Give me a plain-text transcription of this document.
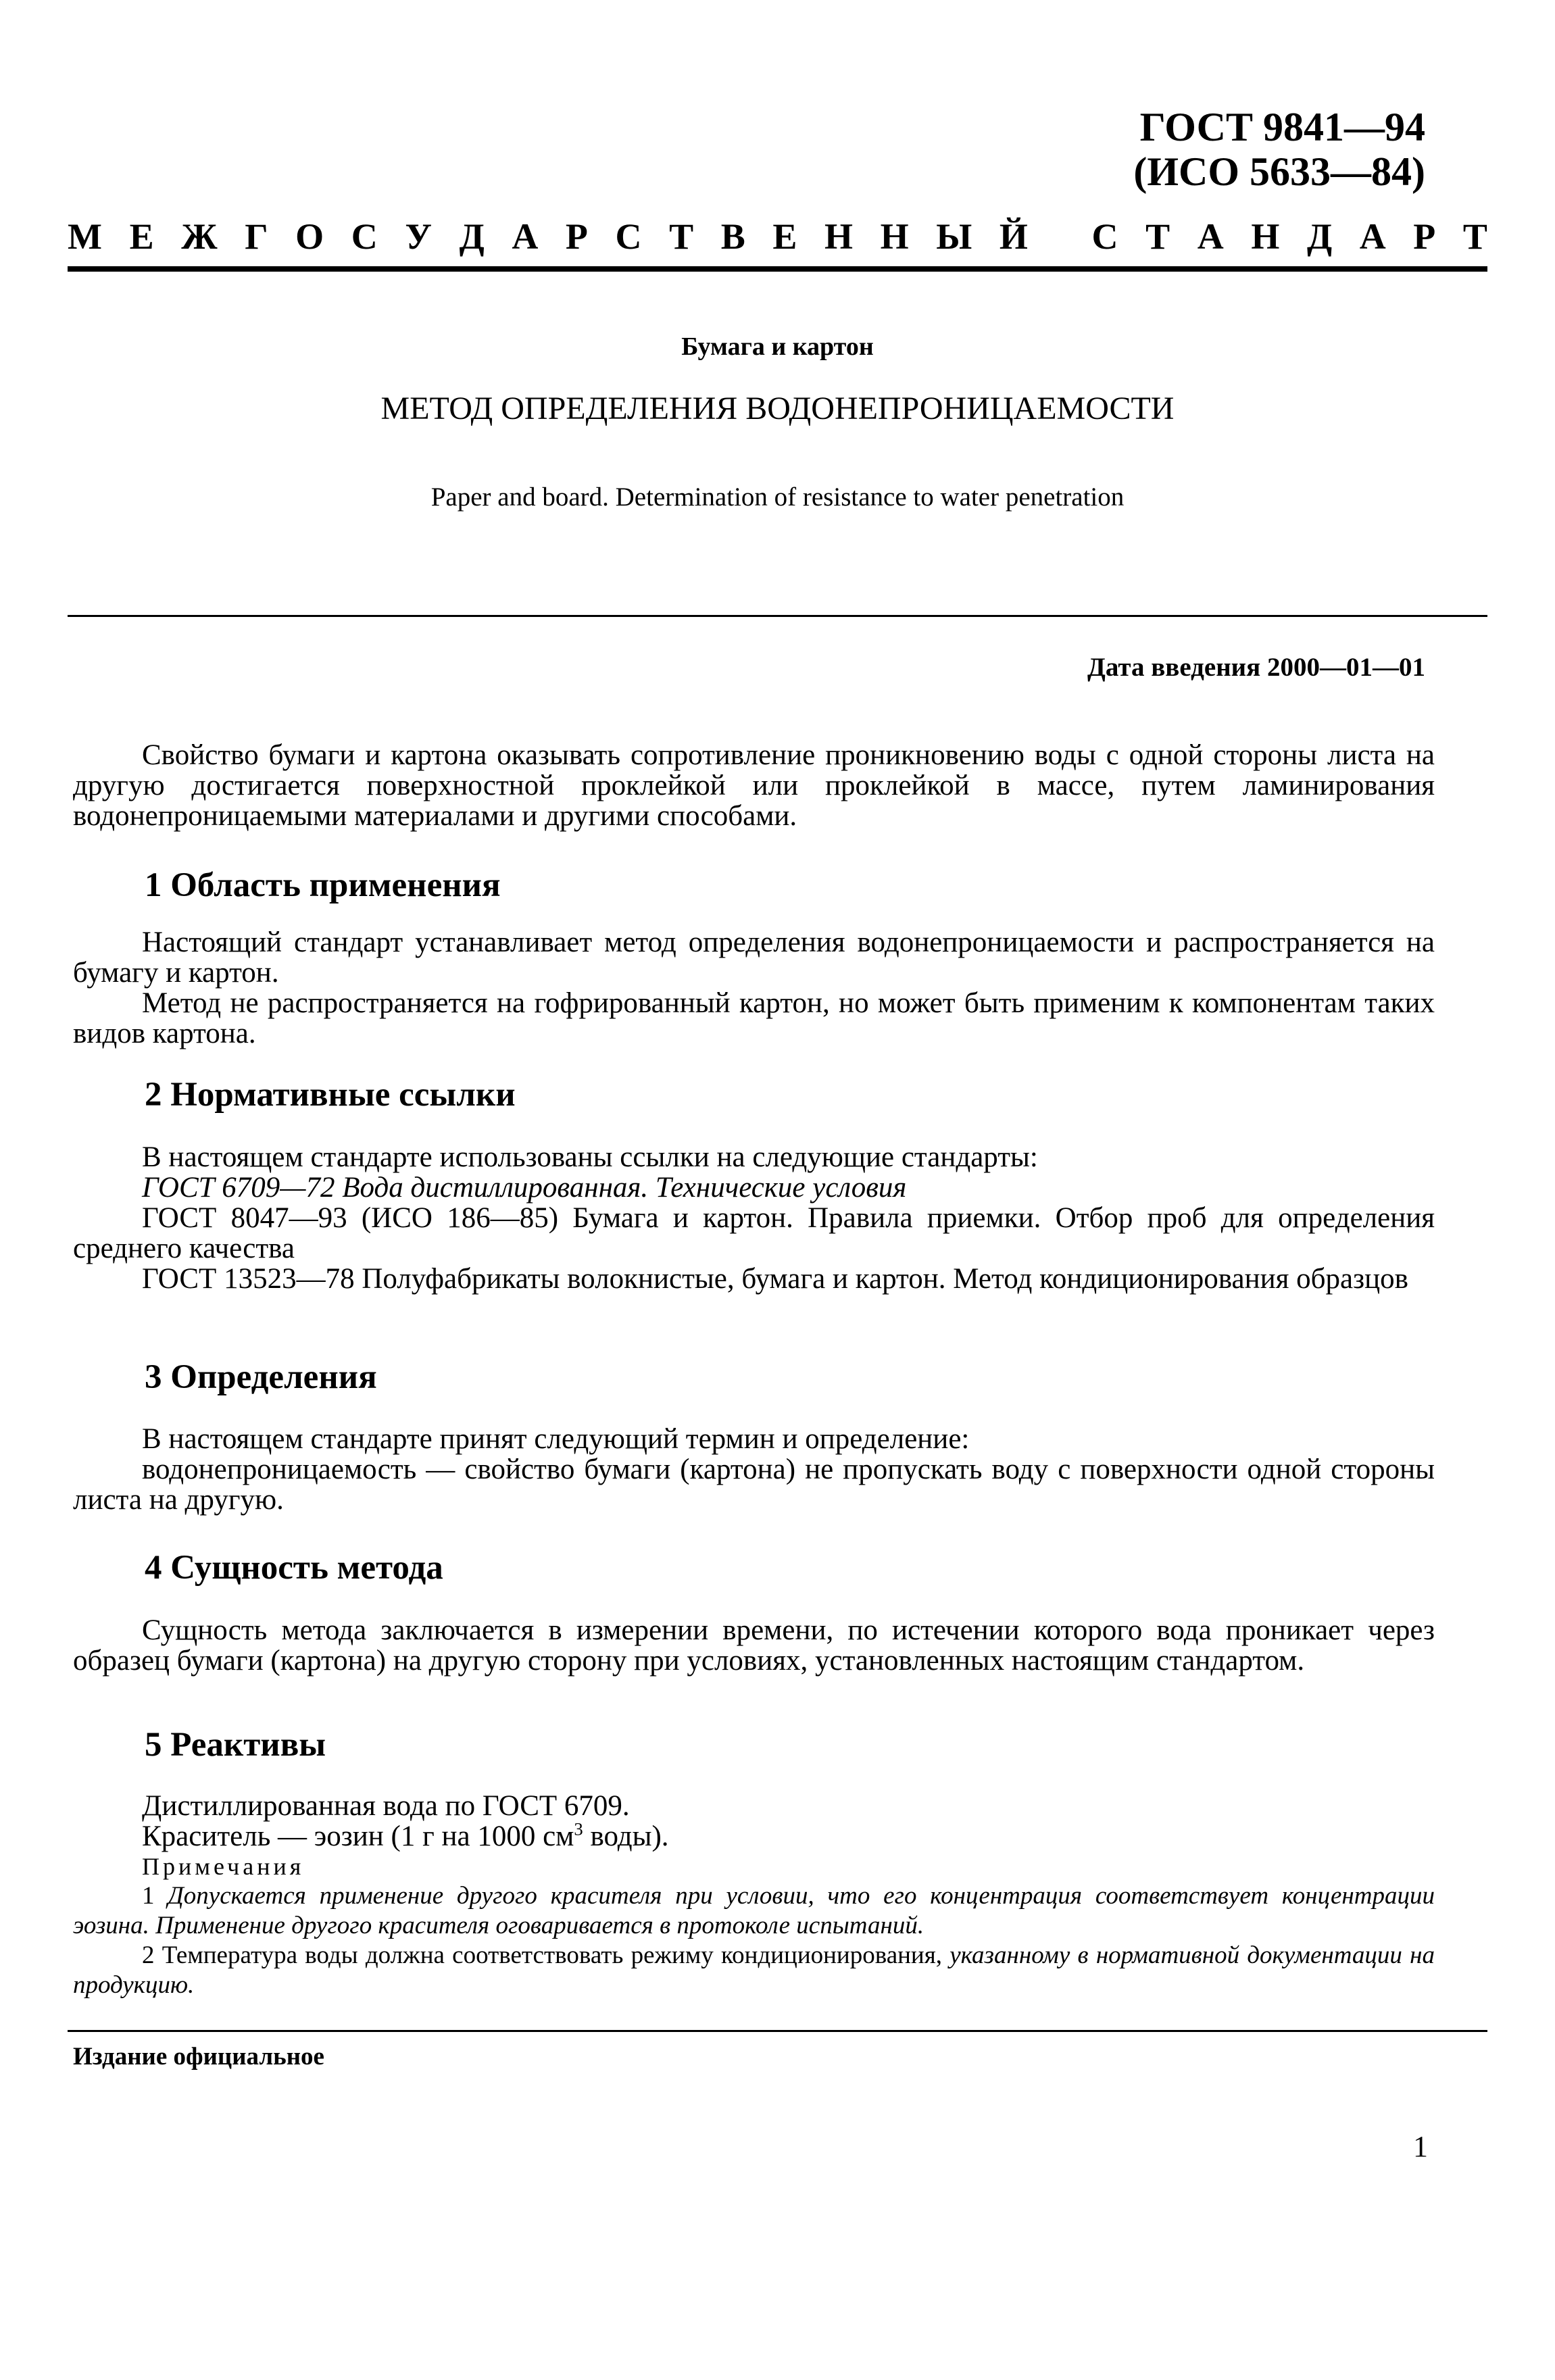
ГОСТ 9841—94
(ИСО 5633—84)
М Е Ж Г О С У Д А Р С Т В Е Н Н Ы Й
С Т А Н Д А Р Т
Бумага и картон
МЕТОД ОПРЕДЕЛЕНИЯ ВОДОНЕПРОНИЦАЕМОСТИ
Paper and board. Determination of resistance to water penetration
Дата введения 2000—01—01

Свойство бумаги и картона оказывать сопротивление проникновению воды с одной стороны листа на другую достигается поверхностной проклейкой или проклейкой в массе, путем ламинирования водонепроницаемыми материалами и другими способами.

1 Область применения

Настоящий стандарт устанавливает метод определения водонепроницаемости и распространяется на бумагу и картон.

Метод не распространяется на гофрированный картон, но может быть применим к компонентам таких видов картона.

2 Нормативные ссылки

В настоящем стандарте использованы ссылки на следующие стандарты:

ГОСТ 6709—72 Вода дистиллированная. Технические условия

ГОСТ 8047—93 (ИСО 186—85) Бумага и картон. Правила приемки. Отбор проб для определения среднего качества

ГОСТ 13523—78 Полуфабрикаты волокнистые, бумага и картон. Метод кондиционирования образцов

3 Определения

В настоящем стандарте принят следующий термин и определение:

водонепроницаемость — свойство бумаги (картона) не пропускать воду с поверхности одной стороны листа на другую.

4 Сущность метода

Сущность метода заключается в измерении времени, по истечении которого вода проникает через образец бумаги (картона) на другую сторону при условиях, установленных настоящим стандартом.

5 Реактивы

Дистиллированная вода по ГОСТ 6709.

Краситель — эозин (1 г на 1000 $см^3$ воды).

Примечания

1 Допускается применение другого красителя при условии, что его концентрация соответствует концентрации эозина. Применение другого красителя оговаривается в протоколе испытаний.

2 Температура воды должна соответствовать режиму кондиционирования, указанному в нормативной документации на продукцию.

Издание официальное
1
